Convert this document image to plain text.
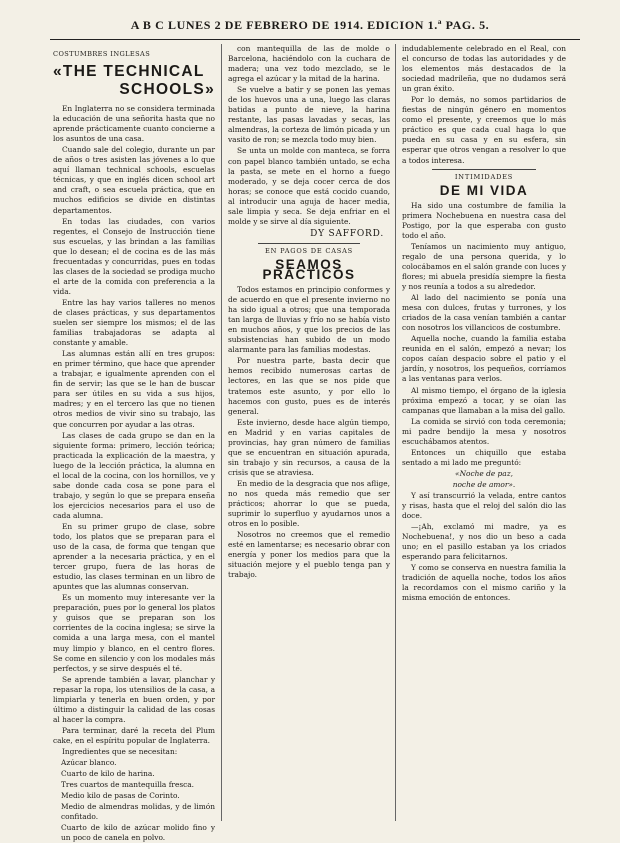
A B C LUNES 2 DE FEBRERO DE 1914. EDICION 1.ª PAG. 5.

COSTUMBRES INGLESAS

«THE TECHNICAL
SCHOOLS»

En Inglaterra no se considera terminada la educación de una señorita hasta que no aprende prácticamente cuanto concierne a los asuntos de una casa.

Cuando sale del colegio, durante un par de años o tres asisten las jóvenes a lo que aquí llaman technical schools, escuelas técnicas, y que en inglés dicen school art and craft, o sea escuela práctica, que en muchos edificios se divide en distintas departamentos.

En todas las ciudades, con varios regentes, el Consejo de Instrucción tiene sus escuelas, y las brindan a las familias que lo desean; el de cocina es de las más frecuentadas y concurridas, pues en todas las clases de la sociedad se prodiga mucho el arte de la comida con preferencia a la vida.

Entre las hay varios talleres no menos de clases prácticas, y sus departamentos suelen ser siempre los mismos; el de las familias trabajadoras se adapta al constante y amable.

Las alumnas están allí en tres grupos: en primer término, que hace que aprender a trabajar, e igualmente aprenden con el fin de servir; las que se le han de buscar para ser útiles en su vida a sus hijos, madres; y en el tercero las que no tienen otros medios de vivir sino su trabajo, las que concurren por ayudar a las otras.

Las clases de cada grupo se dan en la siguiente forma: primero, lección teórica; practicada la explicación de la maestra, y luego de la lección práctica, la alumna en el local de la cocina, con los hornillos, ve y sabe donde cada cosa se pone para el trabajo, y según lo que se prepara enseña los ejercicios necesarios para el uso de cada alumna.

En su primer grupo de clase, sobre todo, los platos que se preparan para el uso de la casa, de forma que tengan que aprender a la necesaria práctica, y en el tercer grupo, fuera de las horas de estudio, las clases terminan en un libro de apuntes que las alumnas conservan.

Es un momento muy interesante ver la preparación, pues por lo general los platos y guisos que se preparan son los corrientes de la cocina inglesa; se sirve la comida a una larga mesa, con el mantel muy limpio y blanco, en el centro flores. Se come en silencio y con los modales más perfectos, y se sirve después el té.

Se aprende también a lavar, planchar y repasar la ropa, los utensilios de la casa, a limpiarla y tenerla en buen orden, y por último a distinguir la calidad de las cosas al hacer la compra.

Para terminar, daré la receta del Plum cake, en el espíritu popular de Inglaterra.

Ingredientes que se necesitan:

Azúcar blanco.

Cuarto de kilo de harina.

Tres cuartos de mantequilla fresca.

Medio kilo de pasas de Corinto.

Medio de almendras molidas, y de limón confitado.

Cuarto de kilo de azúcar molido fino y un poco de canela en polvo.

con mantequilla de las de molde o Barcelona, haciéndolo con la cuchara de madera; una vez todo mezclado, se le agrega el azúcar y la mitad de la harina.

Se vuelve a batir y se ponen las yemas de los huevos una a una, luego las claras batidas a punto de nieve, la harina restante, las pasas lavadas y secas, las almendras, la corteza de limón picada y un vasito de ron; se mezcla todo muy bien.

Se unta un molde con manteca, se forra con papel blanco también untado, se echa la pasta, se mete en el horno a fuego moderado, y se deja cocer cerca de dos horas; se conoce que está cocido cuando, al introducir una aguja de hacer media, sale limpia y seca. Se deja enfriar en el molde y se sirve al día siguiente.

DY SAFFORD.
EN PAGOS DE CASAS
SEAMOS PRÁCTICOS

Todos estamos en principio conformes y de acuerdo en que el presente invierno no ha sido igual a otros; que una temporada tan larga de lluvias y frío no se había visto en muchos años, y que los precios de las subsistencias han subido de un modo alarmante para las familias modestas.

Por nuestra parte, basta decir que hemos recibido numerosas cartas de lectores, en las que se nos pide que tratemos este asunto, y por ello lo hacemos con gusto, pues es de interés general.

Este invierno, desde hace algún tiempo, en Madrid y en varias capitales de provincias, hay gran número de familias que se encuentran en situación apurada, sin trabajo y sin recursos, a causa de la crisis que se atraviesa.

En medio de la desgracia que nos aflige, no nos queda más remedio que ser prácticos; ahorrar lo que se pueda, suprimir lo superfluo y ayudarnos unos a otros en lo posible.

Nosotros no creemos que el remedio esté en lamentarse; es necesario obrar con energía y poner los medios para que la situación mejore y el pueblo tenga pan y trabajo.

indudablemente celebrado en el Real, con el concurso de todas las autoridades y de los elementos más destacados de la sociedad madrileña, que no dudamos será un gran éxito.

Por lo demás, no somos partidarios de fiestas de ningún género en momentos como el presente, y creemos que lo más práctico es que cada cual haga lo que pueda en su casa y en su esfera, sin esperar que otros vengan a resolver lo que a todos interesa.

INTIMIDADES
DE MI VIDA

Ha sido una costumbre de familia la primera Nochebuena en nuestra casa del Postigo, por la que esperaba con gusto todo el año.

Teníamos un nacimiento muy antiguo, regalo de una persona querida, y lo colocábamos en el salón grande con luces y flores; mi abuela presidía siempre la fiesta y nos reunía a todos a su alrededor.

Al lado del nacimiento se ponía una mesa con dulces, frutas y turrones, y los criados de la casa venían también a cantar con nosotros los villancicos de costumbre.

Aquella noche, cuando la familia estaba reunida en el salón, empezó a nevar; los copos caían despacio sobre el patio y el jardín, y nosotros, los pequeños, corríamos a las ventanas para verlos.

Al mismo tiempo, el órgano de la iglesia próxima empezó a tocar, y se oían las campanas que llamaban a la misa del gallo.

La comida se sirvió con toda ceremonia; mi padre bendijo la mesa y nosotros escuchábamos atentos.

Entonces un chiquillo que estaba sentado a mi lado me preguntó:

«Noche de paz,

noche de amor».

Y así transcurrió la velada, entre cantos y risas, hasta que el reloj del salón dio las doce.

—¡Ah, exclamó mi madre, ya es Nochebuena!, y nos dio un beso a cada uno; en el pasillo estaban ya los criados esperando para felicitarnos.

Y como se conserva en nuestra familia la tradición de aquella noche, todos los años la recordamos con el mismo cariño y la misma emoción de entonces.
